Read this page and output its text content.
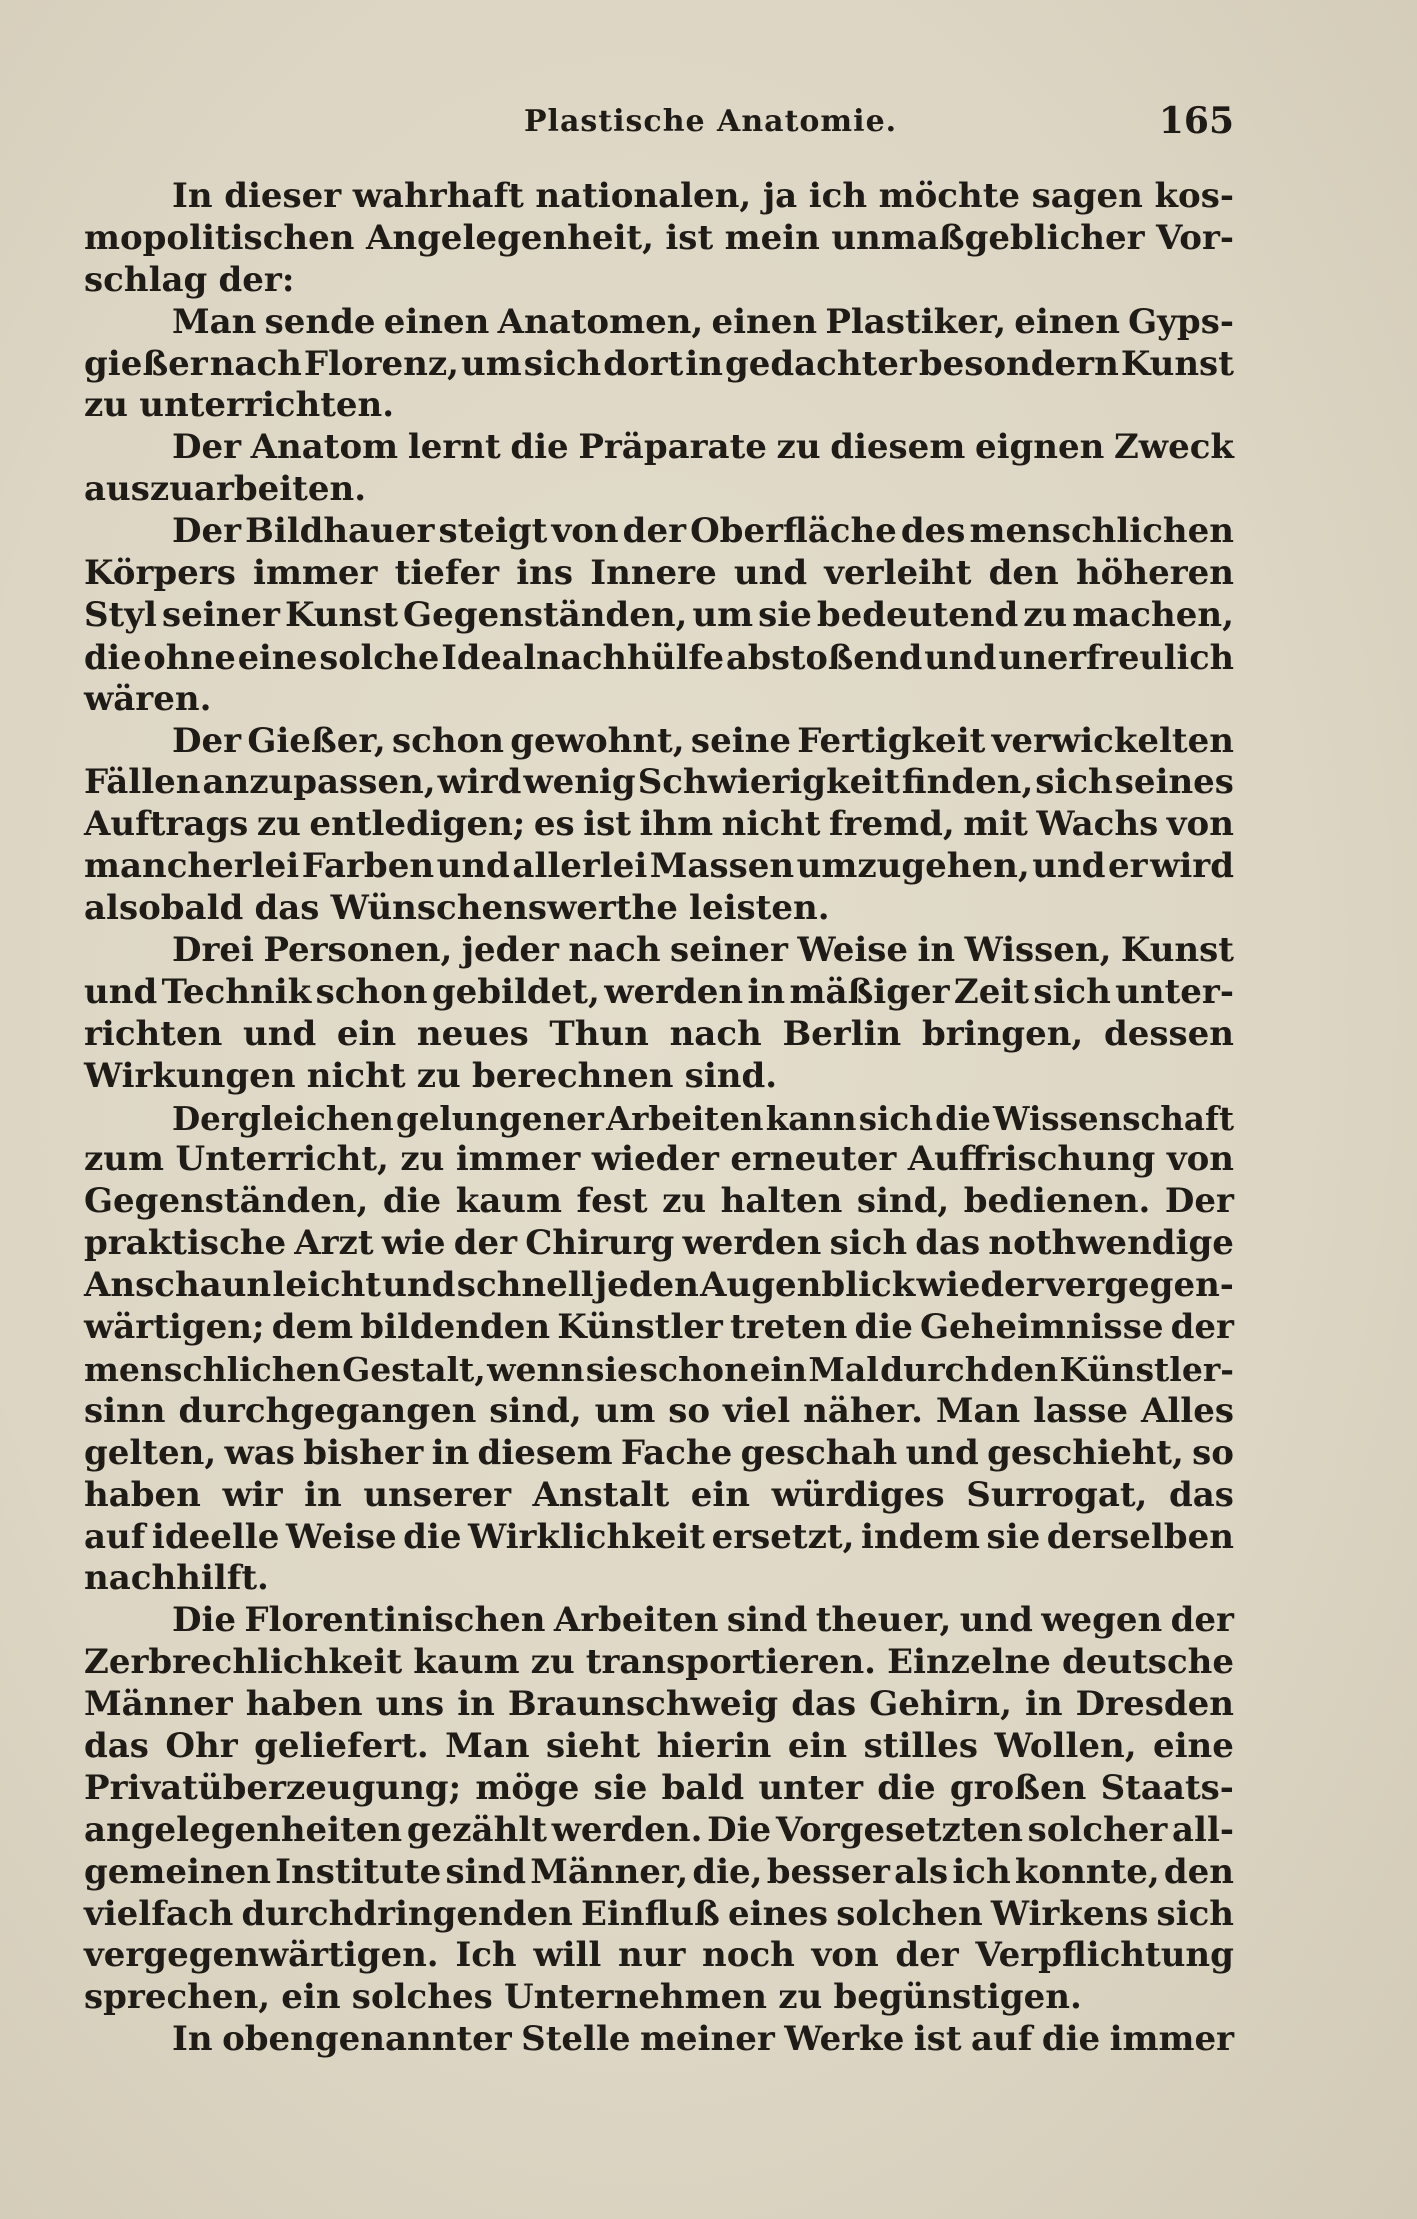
Plastische Anatomie.	165
In dieser wahrhaft nationalen, ja ich möchte sagen kos-
mopolitischen Angelegenheit, ist mein unmaßgeblicher Vor-
schlag der:
Man sende einen Anatomen, einen Plastiker, einen Gyps-
gießer nach Florenz, um sich dort in gedachter besondern Kunst
zu unterrichten.
Der Anatom lernt die Präparate zu diesem eignen Zweck
auszuarbeiten.
Der Bildhauer steigt von der Oberfläche des menschlichen
Körpers immer tiefer ins Innere und verleiht den höheren
Styl seiner Kunst Gegenständen, um sie bedeutend zu machen,
die ohne eine solche Idealnachhülfe abstoßend und unerfreulich
wären.
Der Gießer, schon gewohnt, seine Fertigkeit verwickelten
Fällen anzupassen, wird wenig Schwierigkeit finden, sich seines
Auftrags zu entledigen; es ist ihm nicht fremd, mit Wachs von
mancherlei Farben und allerlei Massen umzugehen, und er wird
alsobald das Wünschenswerthe leisten.
Drei Personen, jeder nach seiner Weise in Wissen, Kunst
und Technik schon gebildet, werden in mäßiger Zeit sich unter-
richten und ein neues Thun nach Berlin bringen, dessen
Wirkungen nicht zu berechnen sind.
Dergleichen gelungener Arbeiten kann sich die Wissenschaft
zum Unterricht, zu immer wieder erneuter Auffrischung von
Gegenständen, die kaum fest zu halten sind, bedienen. Der
praktische Arzt wie der Chirurg werden sich das nothwendige
Anschaun leicht und schnell jeden Augenblick wieder vergegen-
wärtigen; dem bildenden Künstler treten die Geheimnisse der
menschlichen Gestalt, wenn sie schon ein Mal durch den Künstler-
sinn durchgegangen sind, um so viel näher. Man lasse Alles
gelten, was bisher in diesem Fache geschah und geschieht, so
haben wir in unserer Anstalt ein würdiges Surrogat, das
auf ideelle Weise die Wirklichkeit ersetzt, indem sie derselben
nachhilft.
Die Florentinischen Arbeiten sind theuer, und wegen der
Zerbrechlichkeit kaum zu transportieren. Einzelne deutsche
Männer haben uns in Braunschweig das Gehirn, in Dresden
das Ohr geliefert. Man sieht hierin ein stilles Wollen, eine
Privatüberzeugung; möge sie bald unter die großen Staats-
angelegenheiten gezählt werden. Die Vorgesetzten solcher all-
gemeinen Institute sind Männer, die, besser als ich konnte, den
vielfach durchdringenden Einfluß eines solchen Wirkens sich
vergegenwärtigen. Ich will nur noch von der Verpflichtung
sprechen, ein solches Unternehmen zu begünstigen.
In obengenannter Stelle meiner Werke ist auf die immer
